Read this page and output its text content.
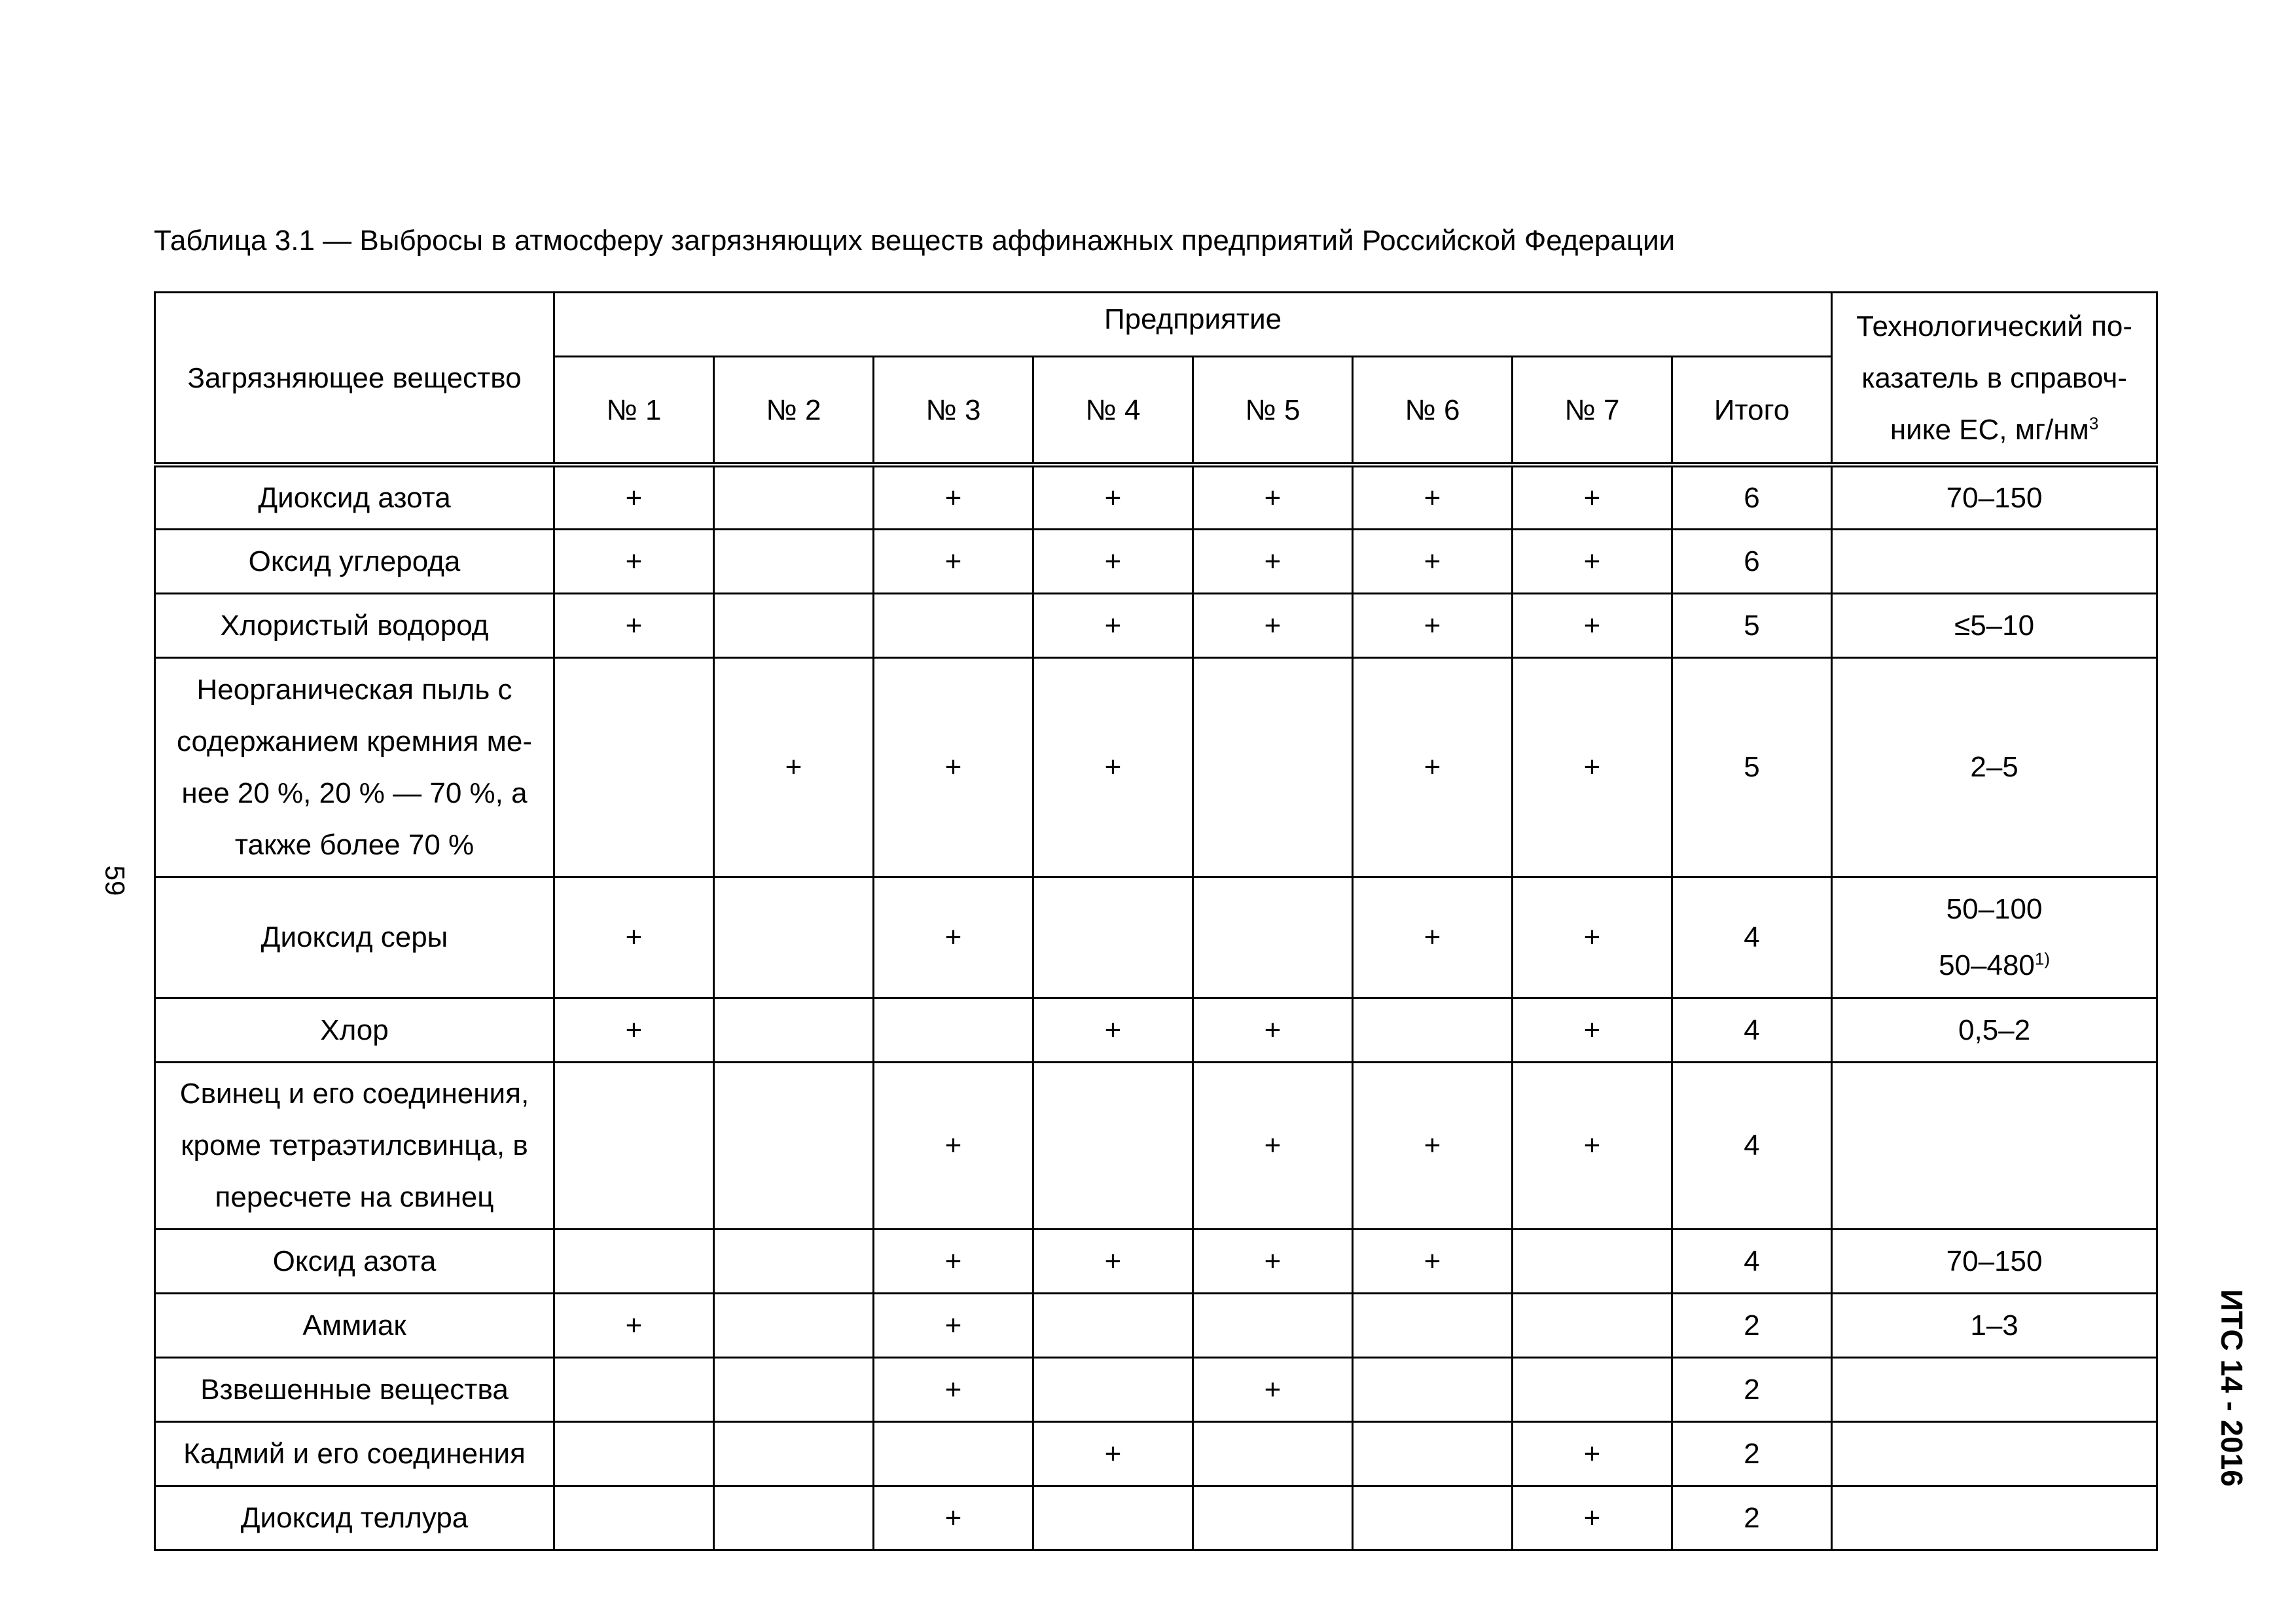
Таблица 3.1 — Выбросы в атмосферу загрязняющих веществ аффинажных предприятий Российской Федерации
59
ИТС 14 - 2016
Загрязняющее вещество	Предприятие								Технологический по-
казатель в справоч-
нике ЕС, $мг/нм^3$
	№ 1	№ 2	№ 3	№ 4	№ 5	№ 6	№ 7	Итого	
Диоксид азота	+		+	+	+	+	+	6	70–150
Оксид углерода	+		+	+	+	+	+	6	
Хлористый водород	+			+	+	+	+	5	≤5–10
Неорганическая пыль с
содержанием кремния ме-
нее 20 %, 20 % — 70 %, а
также более 70 %		+	+	+		+	+	5	2–5
Диоксид серы	+		+			+	+	4	50–100
50–480$^{1)}$
Хлор	+			+	+		+	4	0,5–2
Свинец и его соединения,
кроме тетраэтилсвинца, в
пересчете на свинец			+		+	+	+	4	
Оксид азота			+	+	+	+		4	70–150
Аммиак	+		+					2	1–3
Взвешенные вещества			+		+			2	
Кадмий и его соединения				+			+	2	
Диоксид теллура			+				+	2	
